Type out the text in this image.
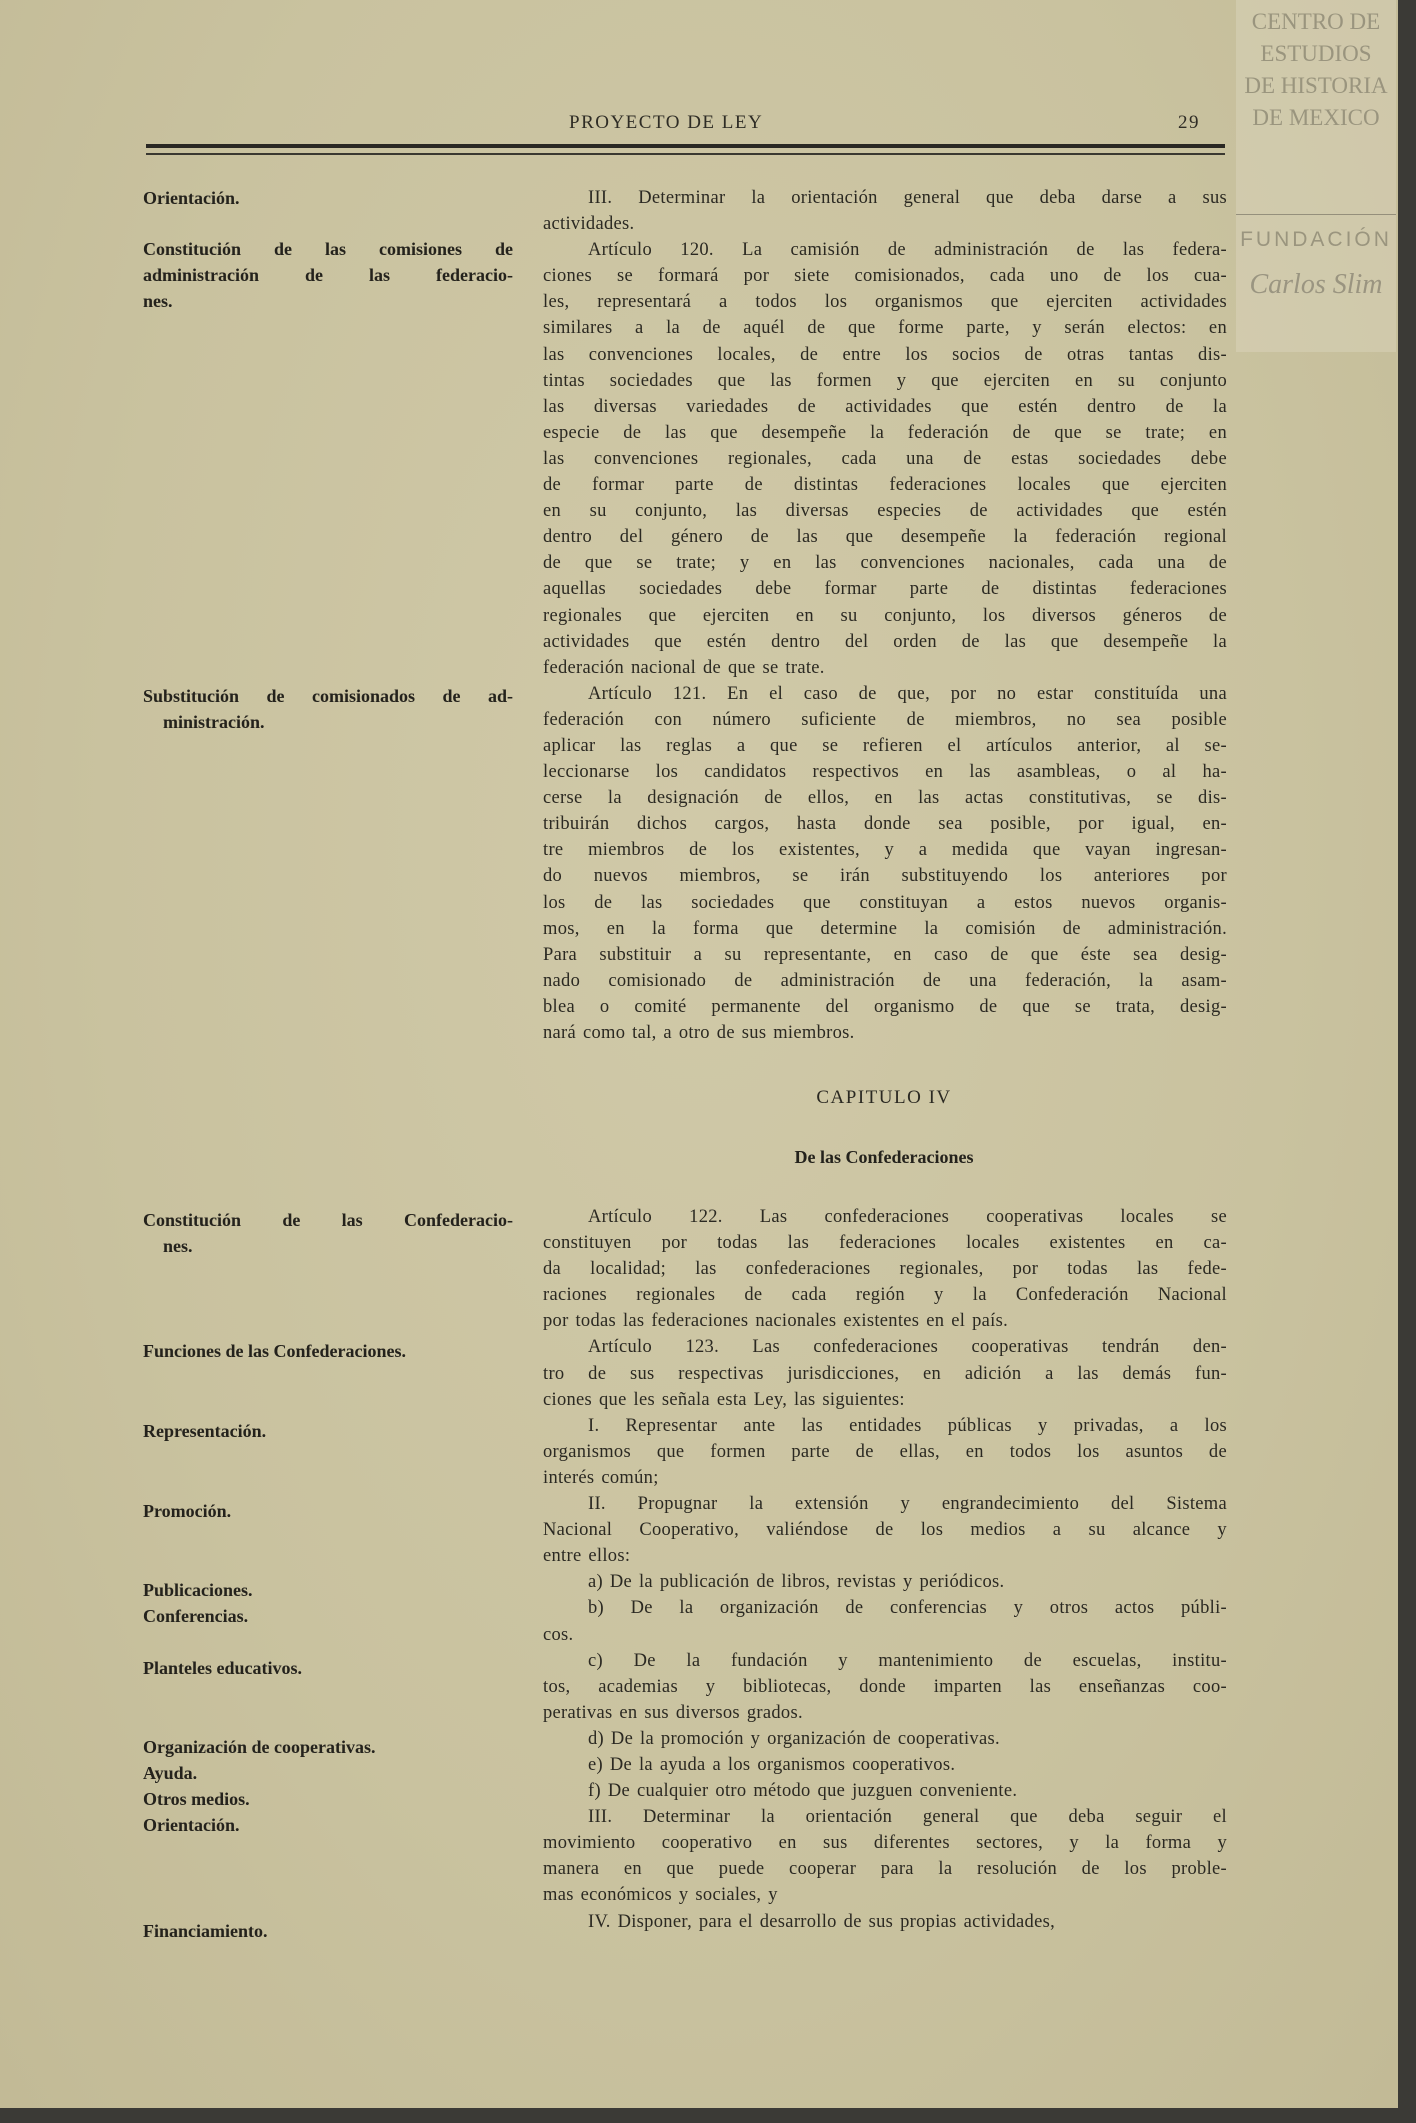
CENTRO DE
ESTUDIOS
DE HISTORIA
DE MEXICO
FUNDACIÓN
Carlos Slim
PROYECTO DE LEY	29
Orientación.
Constitución de las comisiones de
administración de las federacio-
nes.
Substitución de comisionados de ad-
ministración.
CAPITULO IV
De las Confederaciones
Constitución de las Confederacio-
nes.
Funciones de las Confederaciones.
Representación.
Promoción.
Publicaciones.
Conferencias.
Planteles educativos.
Organización de cooperativas.
Ayuda.
Otros medios.
Orientación.
Financiamiento.
III. Determinar la orientación general que deba darse a sus
actividades.
Artículo 120. La camisión de administración de las federa-
ciones se formará por siete comisionados, cada uno de los cua-
les, representará a todos los organismos que ejerciten actividades
similares a la de aquél de que forme parte, y serán electos: en
las convenciones locales, de entre los socios de otras tantas dis-
tintas sociedades que las formen y que ejerciten en su conjunto
las diversas variedades de actividades que estén dentro de la
especie de las que desempeñe la federación de que se trate; en
las convenciones regionales, cada una de estas sociedades debe
de formar parte de distintas federaciones locales que ejerciten
en su conjunto, las diversas especies de actividades que estén
dentro del género de las que desempeñe la federación regional
de que se trate; y en las convenciones nacionales, cada una de
aquellas sociedades debe formar parte de distintas federaciones
regionales que ejerciten en su conjunto, los diversos géneros de
actividades que estén dentro del orden de las que desempeñe la
federación nacional de que se trate.
Artículo 121. En el caso de que, por no estar constituída una
federación con número suficiente de miembros, no sea posible
aplicar las reglas a que se refieren el artículos anterior, al se-
leccionarse los candidatos respectivos en las asambleas, o al ha-
cerse la designación de ellos, en las actas constitutivas, se dis-
tribuirán dichos cargos, hasta donde sea posible, por igual, en-
tre miembros de los existentes, y a medida que vayan ingresan-
do nuevos miembros, se irán substituyendo los anteriores por
los de las sociedades que constituyan a estos nuevos organis-
mos, en la forma que determine la comisión de administración.
Para substituir a su representante, en caso de que éste sea desig-
nado comisionado de administración de una federación, la asam-
blea o comité permanente del organismo de que se trata, desig-
nará como tal, a otro de sus miembros.
Artículo 122. Las confederaciones cooperativas locales se
constituyen por todas las federaciones locales existentes en ca-
da localidad; las confederaciones regionales, por todas las fede-
raciones regionales de cada región y la Confederación Nacional
por todas las federaciones nacionales existentes en el país.
Artículo 123. Las confederaciones cooperativas tendrán den-
tro de sus respectivas jurisdicciones, en adición a las demás fun-
ciones que les señala esta Ley, las siguientes:
I. Representar ante las entidades públicas y privadas, a los
organismos que formen parte de ellas, en todos los asuntos de
interés común;
II. Propugnar la extensión y engrandecimiento del Sistema
Nacional Cooperativo, valiéndose de los medios a su alcance y
entre ellos:
a) De la publicación de libros, revistas y periódicos.
b) De la organización de conferencias y otros actos públi-
cos.
c) De la fundación y mantenimiento de escuelas, institu-
tos, academias y bibliotecas, donde imparten las enseñanzas coo-
perativas en sus diversos grados.
d) De la promoción y organización de cooperativas.
e) De la ayuda a los organismos cooperativos.
f) De cualquier otro método que juzguen conveniente.
III. Determinar la orientación general que deba seguir el
movimiento cooperativo en sus diferentes sectores, y la forma y
manera en que puede cooperar para la resolución de los proble-
mas económicos y sociales, y
IV. Disponer, para el desarrollo de sus propias actividades,
